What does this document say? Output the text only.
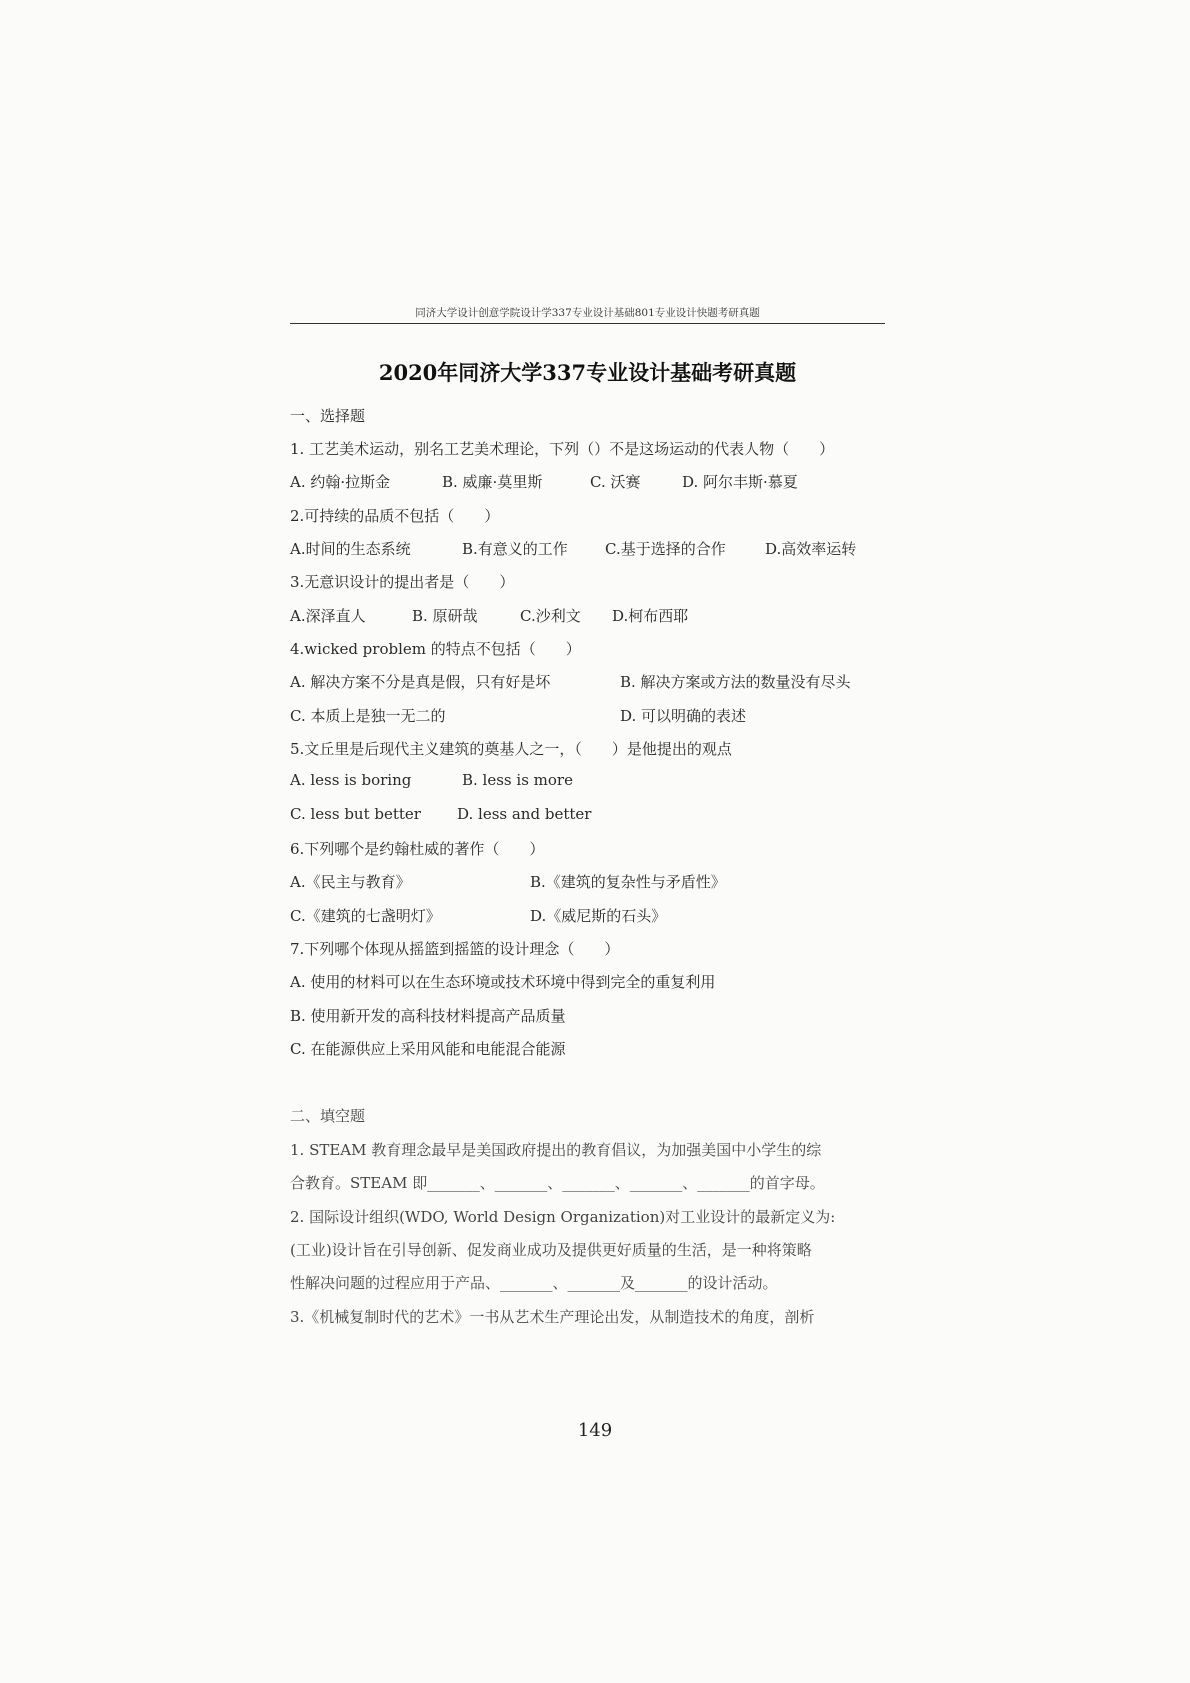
同济大学设计创意学院设计学337专业设计基础801专业设计快题考研真题
2020年同济大学337专业设计基础考研真题
一、选择题
1. 工艺美术运动，别名工艺美术理论，下列（）不是这场运动的代表人物（　　）
A. 约翰·拉斯金	B. 威廉·莫里斯	C. 沃赛	D. 阿尔丰斯·慕夏
2.可持续的品质不包括（　　）
A.时间的生态系统	B.有意义的工作 C.基于选择的合作	D.高效率运转
3.无意识设计的提出者是（　　）
A.深泽直人	B. 原研哉	C.沙利文 D.柯布西耶
4.wicked problem 的特点不包括（　　）
A. 解决方案不分是真是假，只有好是坏	B. 解决方案或方法的数量没有尽头
C. 本质上是独一无二的	D. 可以明确的表述
5.文丘里是后现代主义建筑的奠基人之一，（　　）是他提出的观点
A. less is boring	B. less is more
C. less but better D. less and better
6.下列哪个是约翰杜威的著作（　　）
A.《民主与教育》	B.《建筑的复杂性与矛盾性》
C.《建筑的七盏明灯》	D.《威尼斯的石头》
7.下列哪个体现从摇篮到摇篮的设计理念（　　）
A. 使用的材料可以在生态环境或技术环境中得到完全的重复利用
B. 使用新开发的高科技材料提高产品质量
C. 在能源供应上采用风能和电能混合能源
二、填空题
1. STEAM 教育理念最早是美国政府提出的教育倡议，为加强美国中小学生的综
合教育。STEAM 即_______、_______、_______、_______、_______的首字母。
2. 国际设计组织(WDO, World Design Organization)对工业设计的最新定义为:
(工业)设计旨在引导创新、促发商业成功及提供更好质量的生活，是一种将策略
性解决问题的过程应用于产品、_______、_______及_______的设计活动。
3.《机械复制时代的艺术》一书从艺术生产理论出发，从制造技术的角度，剖析
149
